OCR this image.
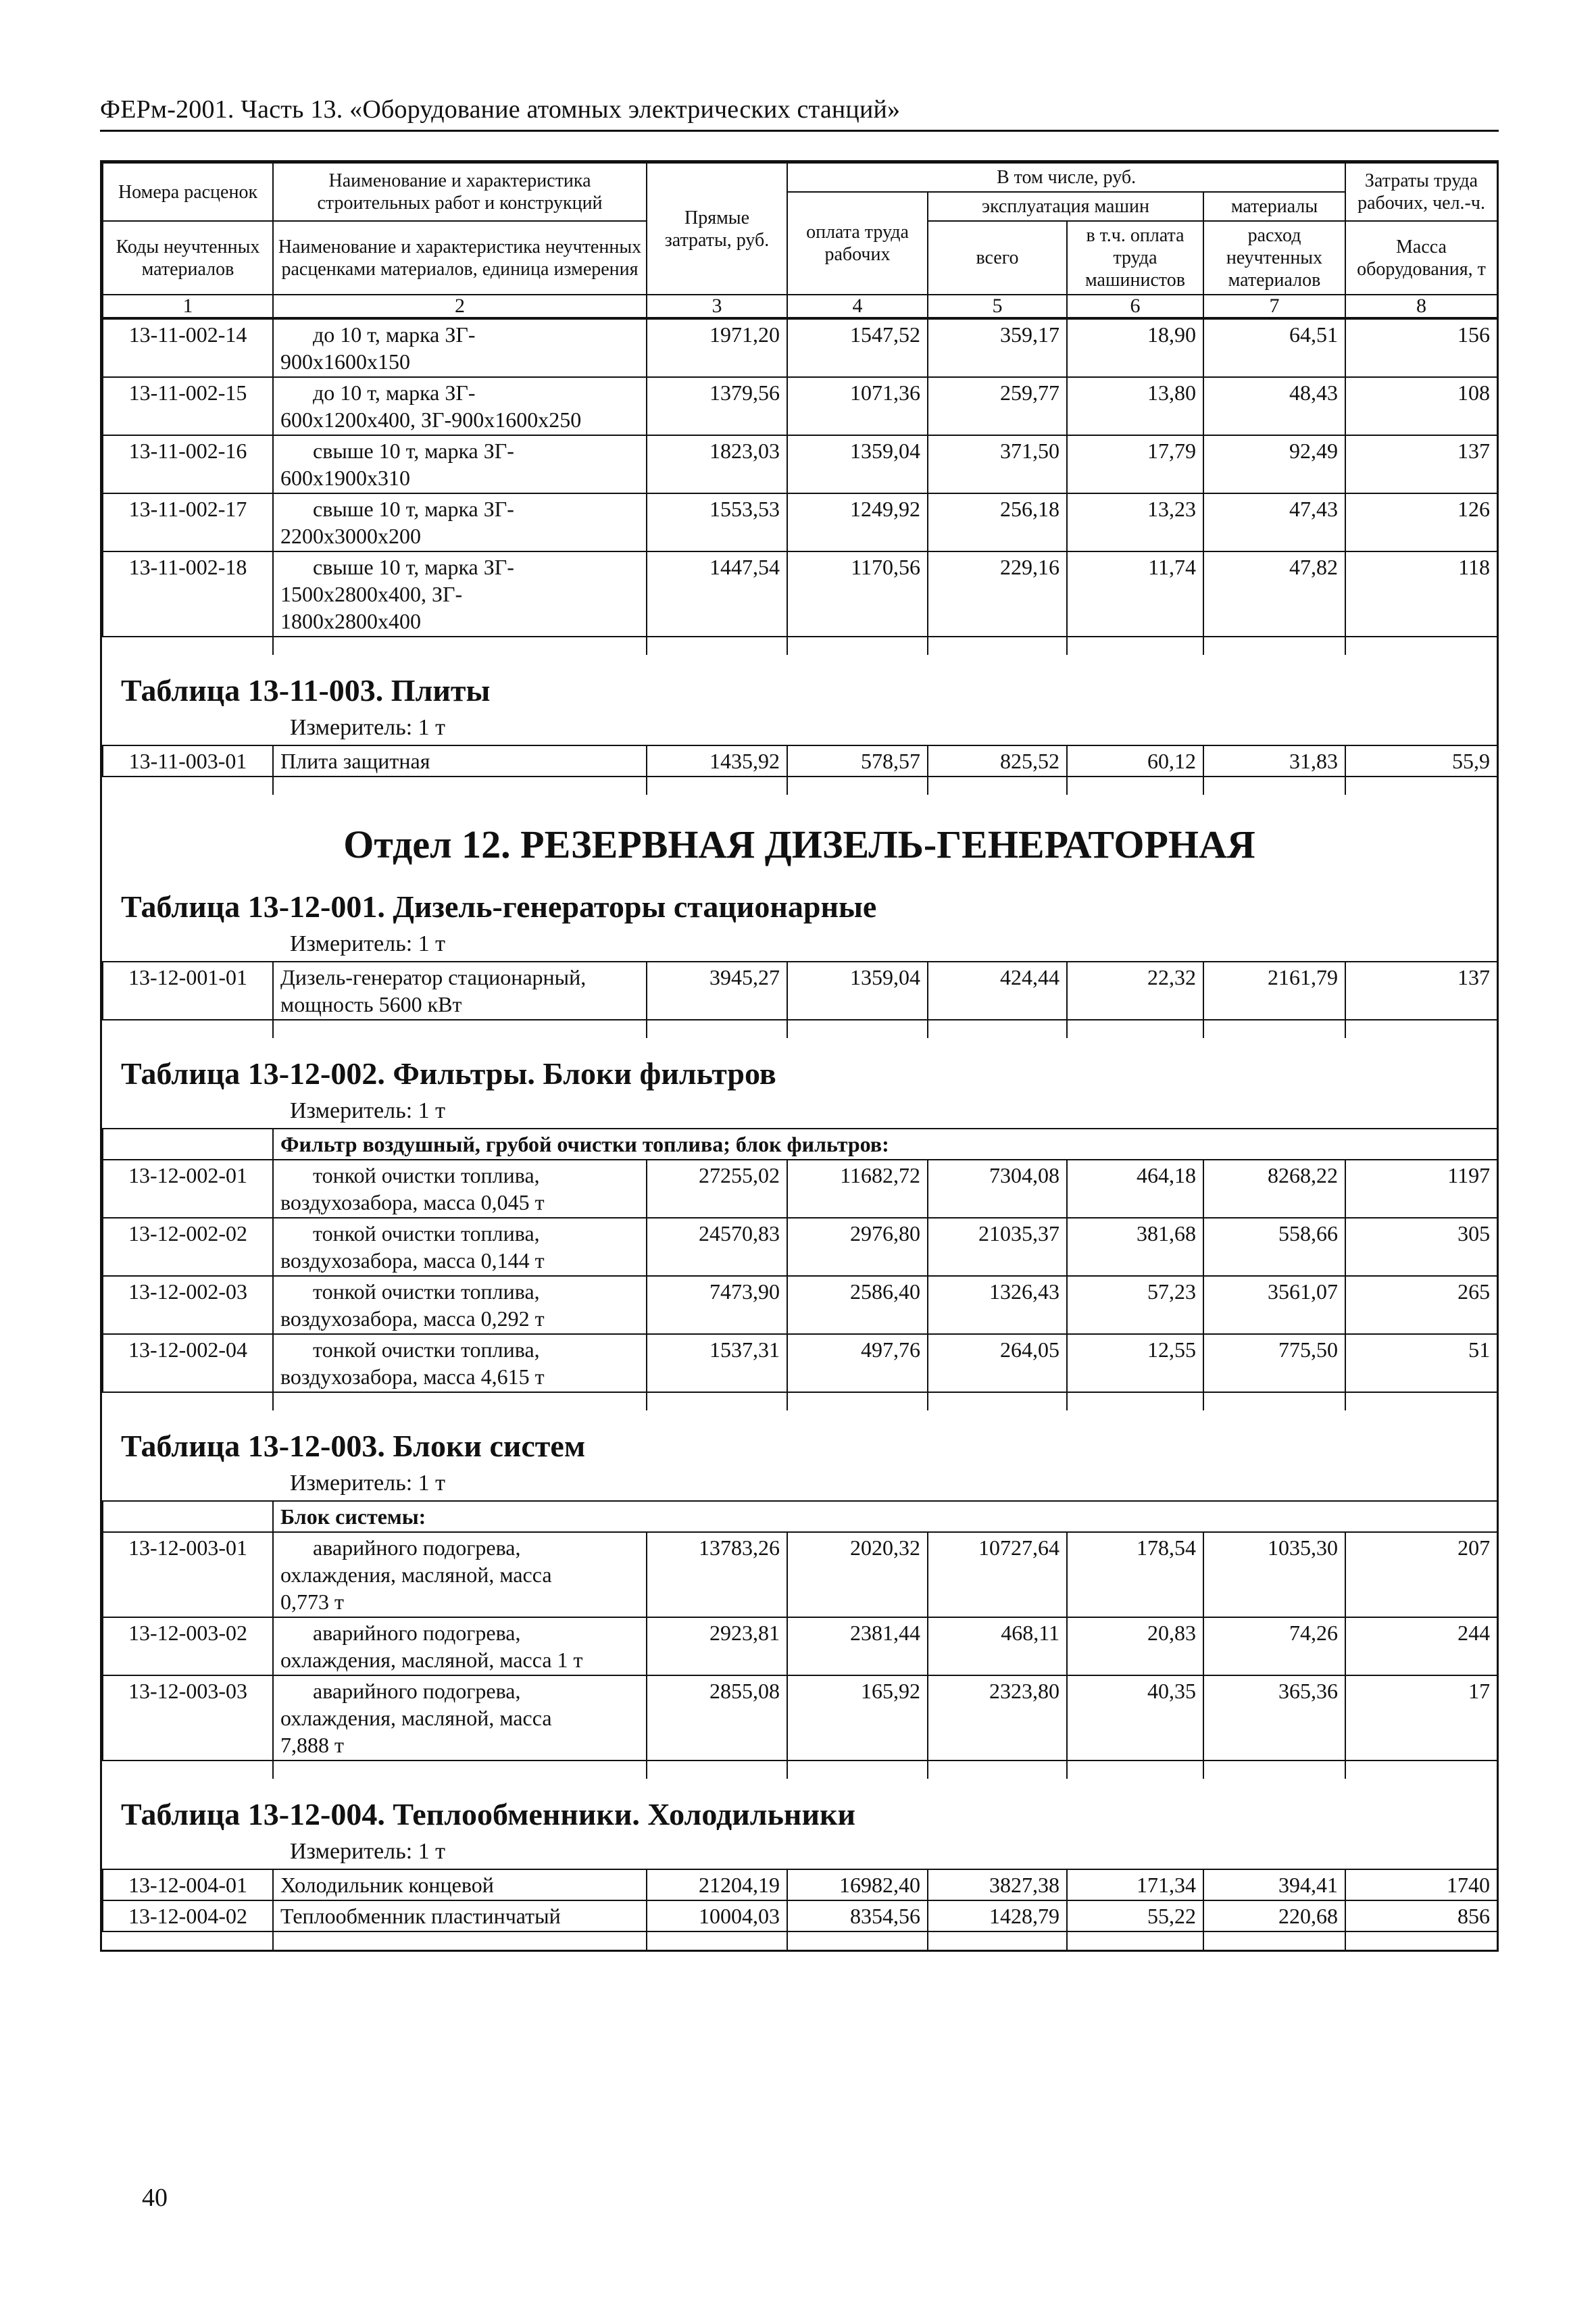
ФЕРм-2001. Часть 13. «Оборудование атомных электрических станций»
Номера расценок	Наименование и характеристика строительных работ и конструкций	Прямые затраты, руб.	В том числе, руб.				Затраты труда рабочих, чел.-ч.
			оплата труда рабочих	эксплуатация машин		материалы	
Коды неучтенных материалов	Наименование и характеристика неучтенных расценками материалов, единица измерения			всего	в т.ч. оплата труда машинистов	расход неучтенных материалов	
							Масса оборудования, т
1	2	3	4	5	6	7	8
13-11-002-14	до 10 т, марка ЗГ-
900х1600х150	1971,20	1547,52	359,17	18,90	64,51	156
13-11-002-15	до 10 т, марка ЗГ-
600х1200х400, ЗГ-900х1600х250	1379,56	1071,36	259,77	13,80	48,43	108
13-11-002-16	свыше 10 т, марка ЗГ-
600х1900х310	1823,03	1359,04	371,50	17,79	92,49	137
13-11-002-17	свыше 10 т, марка ЗГ-
2200х3000х200	1553,53	1249,92	256,18	13,23	47,43	126
13-11-002-18	свыше 10 т, марка ЗГ-
1500х2800х400, ЗГ-
1800х2800х400	1447,54	1170,56	229,16	11,74	47,82	118

Таблица 13-11-003. Плиты
Измеритель: 1 т
13-11-003-01	Плита защитная	1435,92	578,57	825,52	60,12	31,83	55,9

Отдел 12. РЕЗЕРВНАЯ ДИЗЕЛЬ-ГЕНЕРАТОРНАЯ
Таблица 13-12-001. Дизель-генераторы стационарные
Измеритель: 1 т
13-12-001-01	Дизель-генератор стационарный,
мощность 5600 кВт	3945,27	1359,04	424,44	22,32	2161,79	137

Таблица 13-12-002. Фильтры. Блоки фильтров
Измеритель: 1 т
	Фильтр воздушный, грубой очистки топлива; блок фильтров:						
13-12-002-01	тонкой очистки топлива,
воздухозабора, масса 0,045 т	27255,02	11682,72	7304,08	464,18	8268,22	1197
13-12-002-02	тонкой очистки топлива,
воздухозабора, масса 0,144 т	24570,83	2976,80	21035,37	381,68	558,66	305
13-12-002-03	тонкой очистки топлива,
воздухозабора, масса 0,292 т	7473,90	2586,40	1326,43	57,23	3561,07	265
13-12-002-04	тонкой очистки топлива,
воздухозабора, масса 4,615 т	1537,31	497,76	264,05	12,55	775,50	51

Таблица 13-12-003. Блоки систем
Измеритель: 1 т
	Блок системы:						
13-12-003-01	аварийного подогрева,
охлаждения, масляной, масса
0,773 т	13783,26	2020,32	10727,64	178,54	1035,30	207
13-12-003-02	аварийного подогрева,
охлаждения, масляной, масса 1 т	2923,81	2381,44	468,11	20,83	74,26	244
13-12-003-03	аварийного подогрева,
охлаждения, масляной, масса
7,888 т	2855,08	165,92	2323,80	40,35	365,36	17

Таблица 13-12-004. Теплообменники. Холодильники
Измеритель: 1 т
13-12-004-01	Холодильник концевой	21204,19	16982,40	3827,38	171,34	394,41	1740
13-12-004-02	Теплообменник пластинчатый	10004,03	8354,56	1428,79	55,22	220,68	856

40
